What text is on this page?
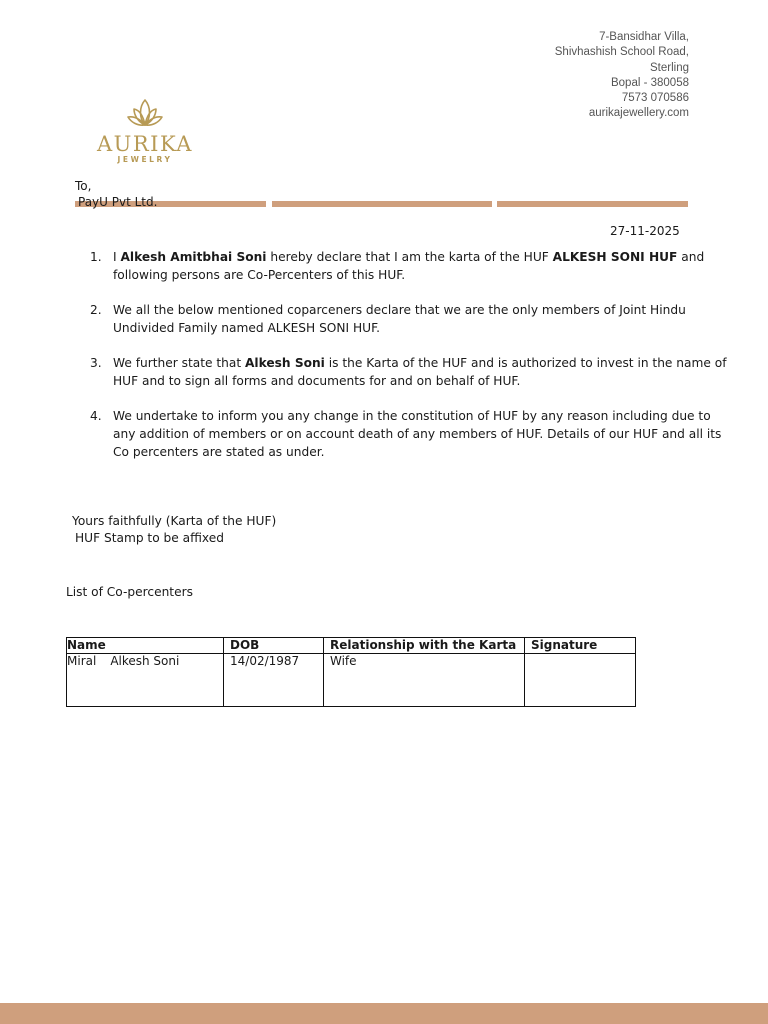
7-Bansidhar Villa,
Shivhashish School Road,
Sterling
Bopal - 380058
7573 070586
aurikajewellery.com
AURIKA
JEWELRY
To,
PayU Pvt Ltd.
27-11-2025
1. I Alkesh Amitbhai Soni hereby declare that I am the karta of the HUF ALKESH SONI HUF and following persons are Co-Percenters of this HUF.
2. We all the below mentioned coparceners declare that we are the only members of Joint Hindu Undivided Family named ALKESH SONI HUF.
3. We further state that Alkesh Soni is the Karta of the HUF and is authorized to invest in the name of HUF and to sign all forms and documents for and on behalf of HUF.
4. We undertake to inform you any change in the constitution of HUF by any reason including due to any addition of members or on account death of any members of HUF. Details of our HUF and all its Co percenters are stated as under.
Yours faithfully (Karta of the HUF)
HUF Stamp to be affixed
List of Co-percenters
Name	DOB	Relationship with the Karta	Signature
Miral Alkesh Soni	14/02/1987	Wife	
